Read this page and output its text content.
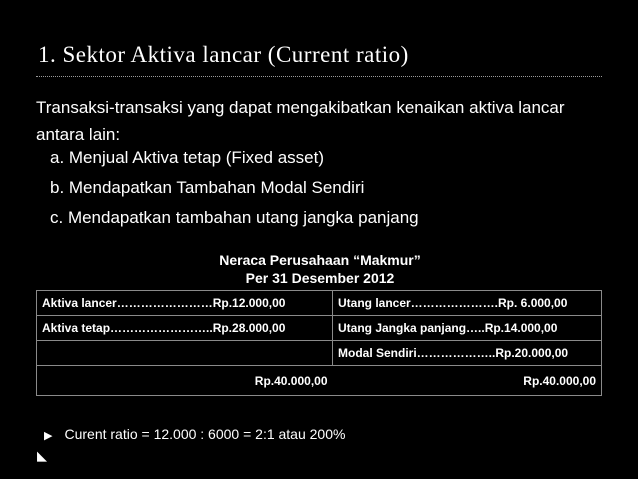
1. Sektor Aktiva lancar (Current ratio)
Transaksi-transaksi yang dapat mengakibatkan kenaikan aktiva lancar antara lain:
a. Menjual Aktiva tetap (Fixed asset)
b. Mendapatkan Tambahan Modal Sendiri
c. Mendapatkan tambahan utang jangka panjang
Neraca Perusahaan “Makmur”
Per 31 Desember 2012
Aktiva lancer……………………Rp.12.000,00	Utang lancer………………….Rp. 6.000,00
Aktiva tetap……………………..Rp.28.000,00	Utang Jangka panjang…..Rp.14.000,00
	Modal Sendiri………………..Rp.20.000,00
Rp.40.000,00	Rp.40.000,00
▶ Curent ratio = 12.000 : 6000 = 2:1 atau 200%
◣
